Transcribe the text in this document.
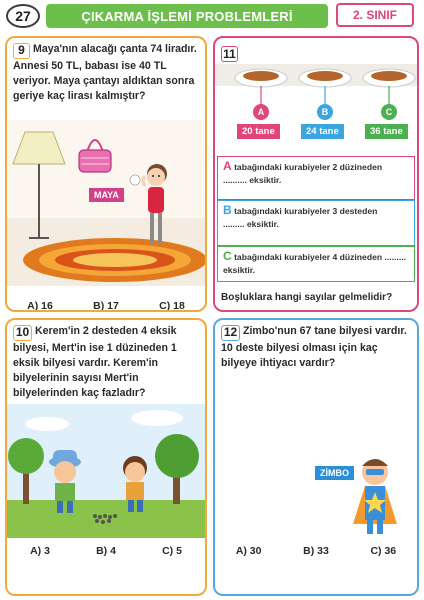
27	ÇIKARMA İŞLEMİ PROBLEMLERİ	2. SINIF
9 Maya'nın alacağı çanta 74 liradır. Annesi 50 TL, babası ise 40 TL veriyor. Maya çantayı aldıktan sonra geriye kaç lirası kalmıştır?
MAYA
A) 16	B) 17	C) 18
11
A	B	C
20 tane	24 tane	36 tane
A tabağındaki kurabiyeler 2 düzineden
.......... eksiktir.
B tabağındaki kurabiyeler 3 desteden
......... eksiktir.
C tabağındaki kurabiyeler 4 düzineden .........
eksiktir.
Boşluklara hangi sayılar gelmelidir?
10 Kerem'in 2 desteden 4 eksik bilyesi, Mert'in ise 1 düzineden 1 eksik bilyesi vardır. Kerem'in bilyelerinin sayısı Mert'in bilyelerinden kaç fazladır?
A) 3	B) 4	C) 5
12 Zimbo'nun 67 tane bilyesi vardır. 10 deste bilyesi olması için kaç bilyeye ihtiyacı vardır?
ZİMBO
A) 30	B) 33	C) 36
